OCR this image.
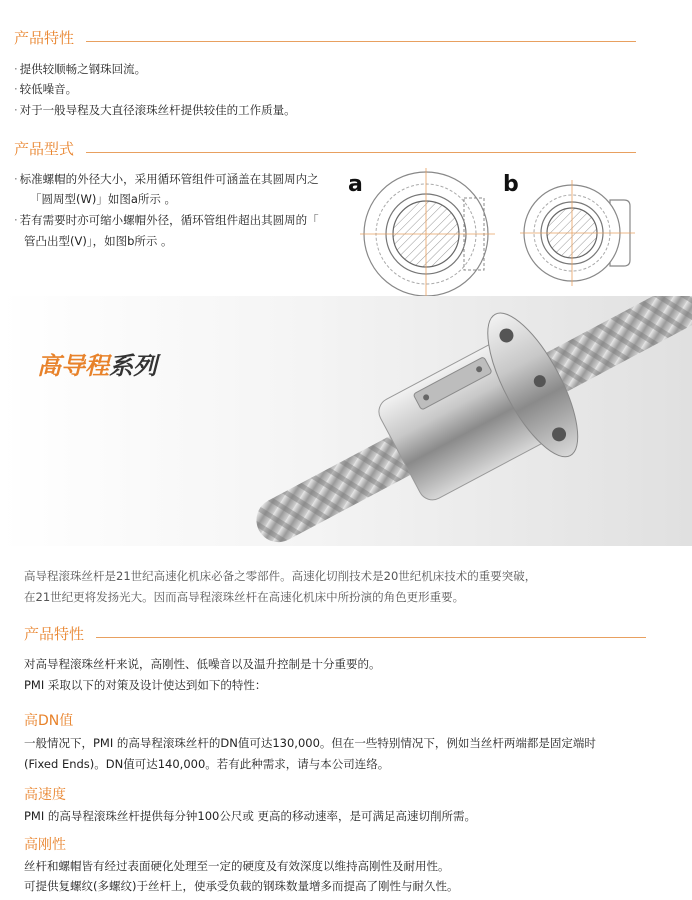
产品特性
· 提供较顺畅之钢珠回流。
· 较低噪音。
· 对于一般导程及大直径滚珠丝杆提供较佳的工作质量。
产品型式
· 标准螺帽的外径大小，采用循环管组件可涵盖在其圆周内之
「圆周型(W)」如图a所示 。
· 若有需要时亦可缩小螺帽外径，循环管组件超出其圆周的「
管凸出型(V)」，如图b所示 。
a	b
高导程系列
高导程滚珠丝杆是21世纪高速化机床必备之零部件。高速化切削技术是20世纪机床技术的重要突破，
在21世纪更将发扬光大。因而高导程滚珠丝杆在高速化机床中所扮演的角色更形重要。
产品特性
对高导程滚珠丝杆来说，高刚性、低噪音以及温升控制是十分重要的。
PMI 采取以下的对策及设计使达到如下的特性：
高DN值
一般情况下，PMI 的高导程滚珠丝杆的DN值可达130,000。但在一些特别情况下，例如当丝杆两端都是固定端时
(Fixed Ends)。DN值可达140,000。若有此种需求，请与本公司连络。
高速度
PMI 的高导程滚珠丝杆提供每分钟100公尺或 更高的移动速率，是可满足高速切削所需。
高刚性
丝杆和螺帽皆有经过表面硬化处理至一定的硬度及有效深度以维持高刚性及耐用性。
可提供复螺纹(多螺纹)于丝杆上，使承受负载的钢珠数量增多而提高了刚性与耐久性。
